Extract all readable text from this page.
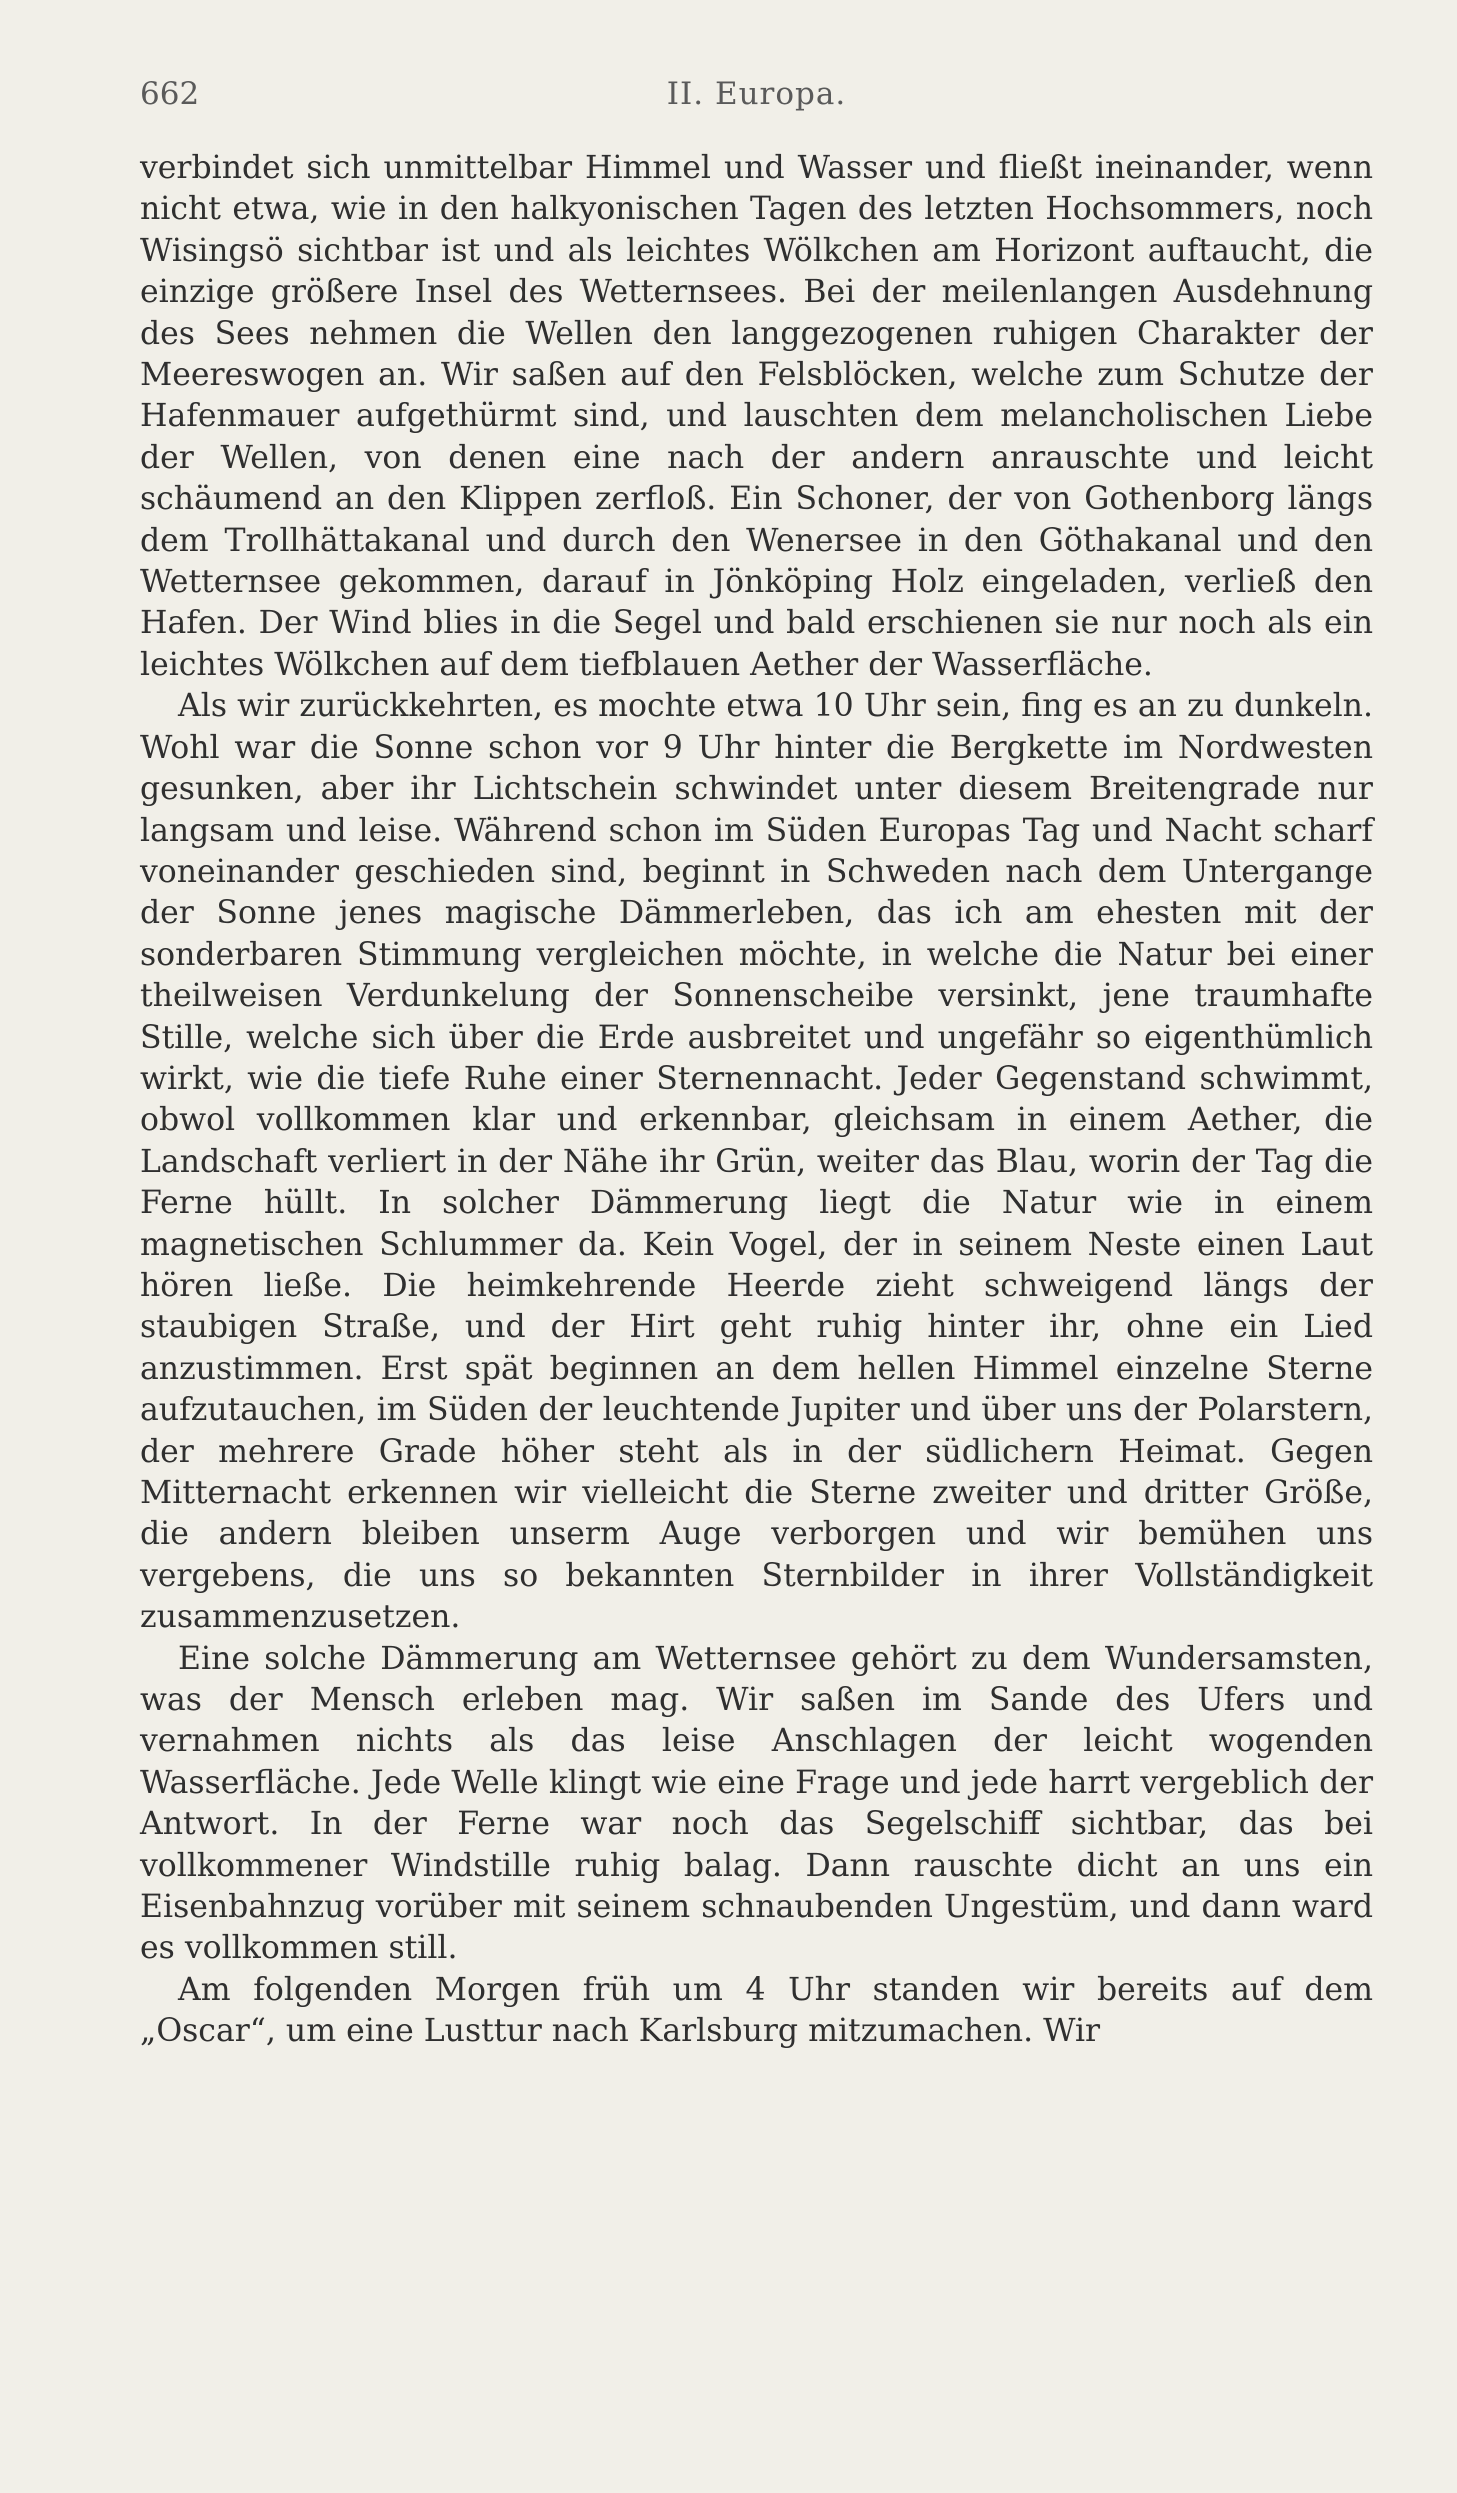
662	II. Europa.

verbindet sich unmittelbar Himmel und Wasser und fließt ineinander, wenn nicht etwa, wie in den halkyonischen Tagen des letzten Hochsommers, noch Wisingsö sichtbar ist und als leichtes Wölkchen am Horizont auftaucht, die einzige größere Insel des Wetternsees. Bei der meilenlangen Ausdehnung des Sees nehmen die Wellen den langgezogenen ruhigen Charakter der Meereswogen an. Wir saßen auf den Felsblöcken, welche zum Schutze der Hafenmauer aufgethürmt sind, und lauschten dem melancholischen Liebe der Wellen, von denen eine nach der andern anrauschte und leicht schäumend an den Klippen zerfloß. Ein Schoner, der von Gothenborg längs dem Trollhättakanal und durch den Wenersee in den Göthakanal und den Wetternsee gekommen, darauf in Jönköping Holz eingeladen, verließ den Hafen. Der Wind blies in die Segel und bald erschienen sie nur noch als ein leichtes Wölkchen auf dem tiefblauen Aether der Wasserfläche.

Als wir zurückkehrten, es mochte etwa 10 Uhr sein, fing es an zu dunkeln. Wohl war die Sonne schon vor 9 Uhr hinter die Bergkette im Nordwesten gesunken, aber ihr Lichtschein schwindet unter diesem Breitengrade nur langsam und leise. Während schon im Süden Europas Tag und Nacht scharf voneinander geschieden sind, beginnt in Schweden nach dem Untergange der Sonne jenes magische Dämmerleben, das ich am ehesten mit der sonderbaren Stimmung vergleichen möchte, in welche die Natur bei einer theilweisen Verdunkelung der Sonnenscheibe versinkt, jene traumhafte Stille, welche sich über die Erde ausbreitet und ungefähr so eigenthümlich wirkt, wie die tiefe Ruhe einer Sternennacht. Jeder Gegenstand schwimmt, obwol vollkommen klar und erkennbar, gleichsam in einem Aether, die Landschaft verliert in der Nähe ihr Grün, weiter das Blau, worin der Tag die Ferne hüllt. In solcher Dämmerung liegt die Natur wie in einem magnetischen Schlummer da. Kein Vogel, der in seinem Neste einen Laut hören ließe. Die heimkehrende Heerde zieht schweigend längs der staubigen Straße, und der Hirt geht ruhig hinter ihr, ohne ein Lied anzustimmen. Erst spät beginnen an dem hellen Himmel einzelne Sterne aufzutauchen, im Süden der leuchtende Jupiter und über uns der Polarstern, der mehrere Grade höher steht als in der südlichern Heimat. Gegen Mitternacht erkennen wir vielleicht die Sterne zweiter und dritter Größe, die andern bleiben unserm Auge verborgen und wir bemühen uns vergebens, die uns so bekannten Sternbilder in ihrer Vollständigkeit zusammenzusetzen.

Eine solche Dämmerung am Wetternsee gehört zu dem Wundersamsten, was der Mensch erleben mag. Wir saßen im Sande des Ufers und vernahmen nichts als das leise Anschlagen der leicht wogenden Wasserfläche. Jede Welle klingt wie eine Frage und jede harrt vergeblich der Antwort. In der Ferne war noch das Segelschiff sichtbar, das bei vollkommener Windstille ruhig balag. Dann rauschte dicht an uns ein Eisenbahnzug vorüber mit seinem schnaubenden Ungestüm, und dann ward es vollkommen still.

Am folgenden Morgen früh um 4 Uhr standen wir bereits auf dem „Oscar“, um eine Lusttur nach Karlsburg mitzumachen. Wir
